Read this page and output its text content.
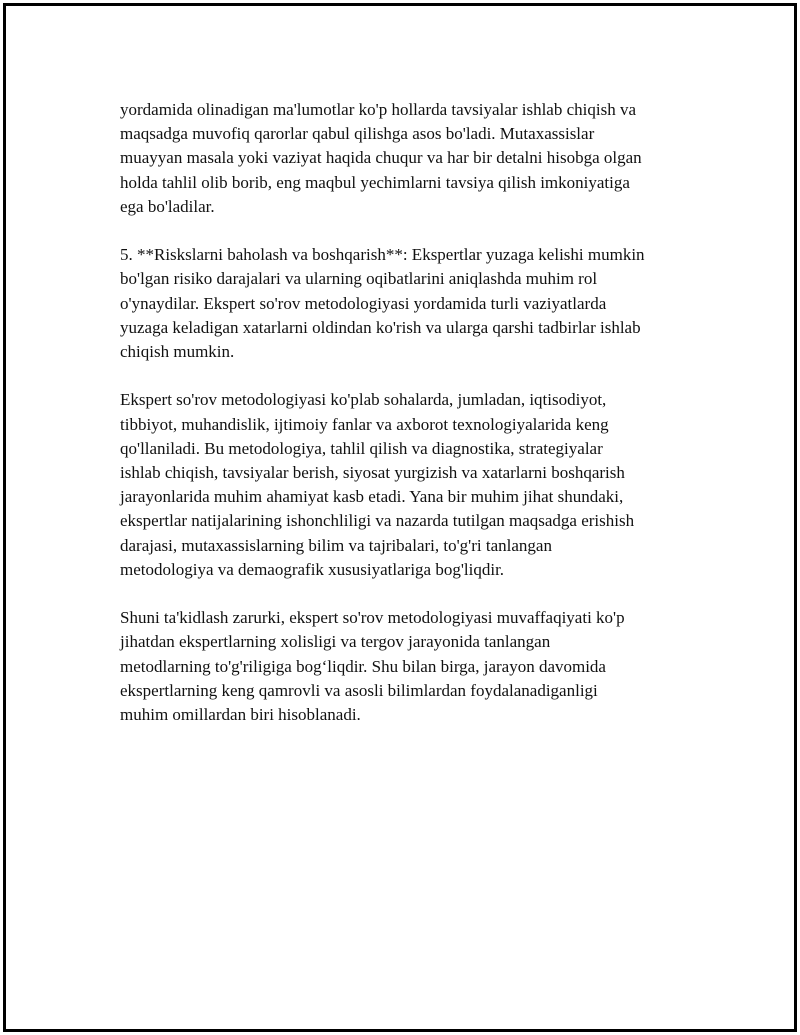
yordamida olinadigan ma'lumotlar ko'p hollarda tavsiyalar ishlab chiqish va
maqsadga muvofiq qarorlar qabul qilishga asos bo'ladi. Mutaxassislar
muayyan masala yoki vaziyat haqida chuqur va har bir detalni hisobga olgan
holda tahlil olib borib, eng maqbul yechimlarni tavsiya qilish imkoniyatiga
ega bo'ladilar.

5. **Riskslarni baholash va boshqarish**: Ekspertlar yuzaga kelishi mumkin
bo'lgan risiko darajalari va ularning oqibatlarini aniqlashda muhim rol
o'ynaydilar. Ekspert so'rov metodologiyasi yordamida turli vaziyatlarda
yuzaga keladigan xatarlarni oldindan ko'rish va ularga qarshi tadbirlar ishlab
chiqish mumkin.

Ekspert so'rov metodologiyasi ko'plab sohalarda, jumladan, iqtisodiyot,
tibbiyot, muhandislik, ijtimoiy fanlar va axborot texnologiyalarida keng
qo'llaniladi. Bu metodologiya, tahlil qilish va diagnostika, strategiyalar
ishlab chiqish, tavsiyalar berish, siyosat yurgizish va xatarlarni boshqarish
jarayonlarida muhim ahamiyat kasb etadi. Yana bir muhim jihat shundaki,
ekspertlar natijalarining ishonchliligi va nazarda tutilgan maqsadga erishish
darajasi, mutaxassislarning bilim va tajribalari, to'g'ri tanlangan
metodologiya va demaografik xususiyatlariga bog'liqdir.

Shuni ta'kidlash zarurki, ekspert so'rov metodologiyasi muvaffaqiyati ko'p
jihatdan ekspertlarning xolisligi va tergov jarayonida tanlangan
metodlarning to'g'riligiga bog‘liqdir. Shu bilan birga, jarayon davomida
ekspertlarning keng qamrovli va asosli bilimlardan foydalanadiganligi
muhim omillardan biri hisoblanadi.
